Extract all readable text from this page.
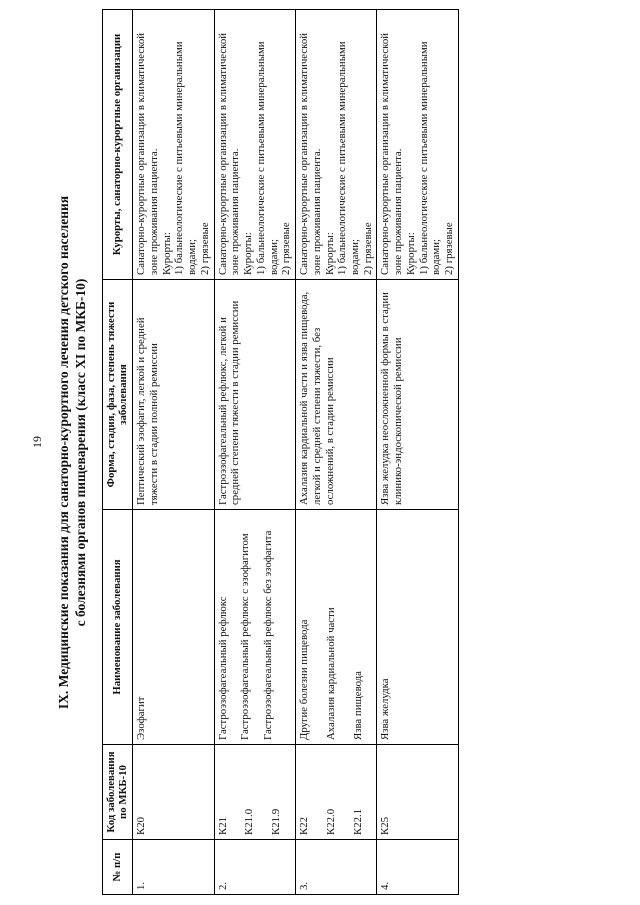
19 IX. Медицинские показания для санаторно-курортного лечения детского населения с болезнями органов пищеварения (класс XI по МКБ-10)
№ п/п	Код заболевания по МКБ-10	Наименование заболевания	Форма, стадия, фаза, степень тяжести заболевания	Курорты, санаторно-курортные организации
1.	К20	Эзофагит	Пептический эзофагит, легкой и средней тяжести в стадии полной ремиссии	Санаторно-курортные организации в климатической зоне проживания пациента. Курорты: 1) бальнеологические с питьевыми минеральными водами; 2) грязевые

2.	К21 К21.0 К21.9	Гастроэзофагеальный рефлюкс Гастроэзофагеальный рефлюкс с эзофагитом Гастроэзофагеальный рефлюкс без эзофагита	Гастроэзофагеальный рефлюкс, легкой и средней степени тяжести в стадии ремиссии	Санаторно-курортные организации в климатической зоне проживания пациента. Курорты: 1) бальнеологические с питьевыми минеральными водами; 2) грязевые

3.	К22 К22.0 К22.1	Другие болезни пищевода Ахалазия кардиальной части Язва пищевода	Ахалазия кардиальной части и язва пищевода, легкой и средней степени тяжести, без осложнений, в стадии ремиссии	Санаторно-курортные организации в климатической зоне проживания пациента. Курорты: 1) бальнеологические с питьевыми минеральными водами; 2) грязевые

4.	К25	Язва желудка	Язва желудка неосложненной формы в стадии клинико-эндоскопической ремиссии	Санаторно-курортные организации в климатической зоне проживания пациента. Курорты: 1) бальнеологические с питьевыми минеральными водами; 2) грязевые
